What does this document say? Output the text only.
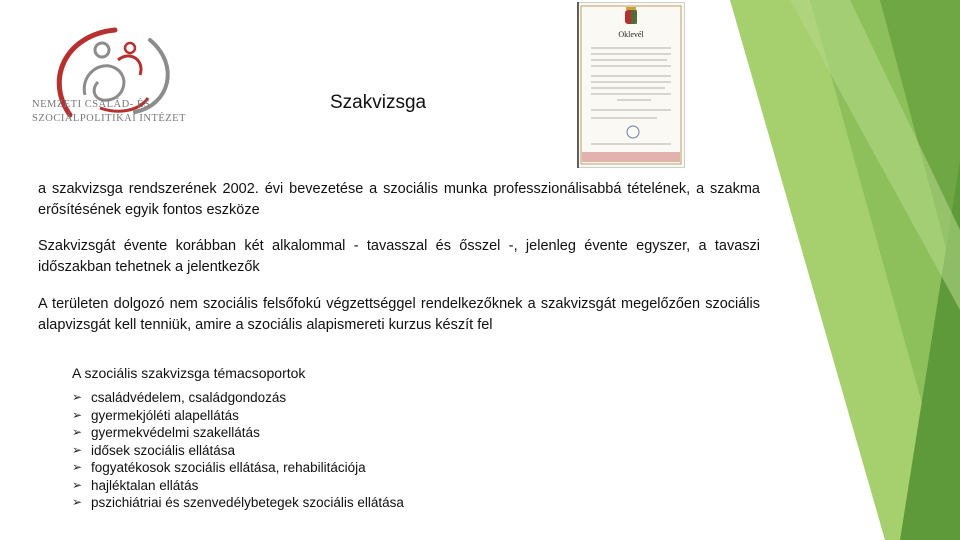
NEMZETI CSALÁD- ÉS
SZOCIÁLPOLITIKAI INTÉZET
Szakvizsga
Oklevél
a szakvizsga rendszerének 2002. évi bevezetése a szociális munka professzionálisabbá tételének, a szakma erősítésének egyik fontos eszköze
Szakvizsgát évente korábban két alkalommal - tavasszal és ősszel -, jelenleg évente egyszer, a tavaszi időszakban tehetnek a jelentkezők
A területen dolgozó nem szociális felsőfokú végzettséggel rendelkezőknek a szakvizsgát megelőzően szociális alapvizsgát kell tenniük, amire a szociális alapismereti kurzus készít fel
A szociális szakvizsga témacsoportok
➢ családvédelem, családgondozás
➢ gyermekjóléti alapellátás
➢ gyermekvédelmi szakellátás
➢ idősek szociális ellátása
➢ fogyatékosok szociális ellátása, rehabilitációja
➢ hajléktalan ellátás
➢ pszichiátriai és szenvedélybetegek szociális ellátása
